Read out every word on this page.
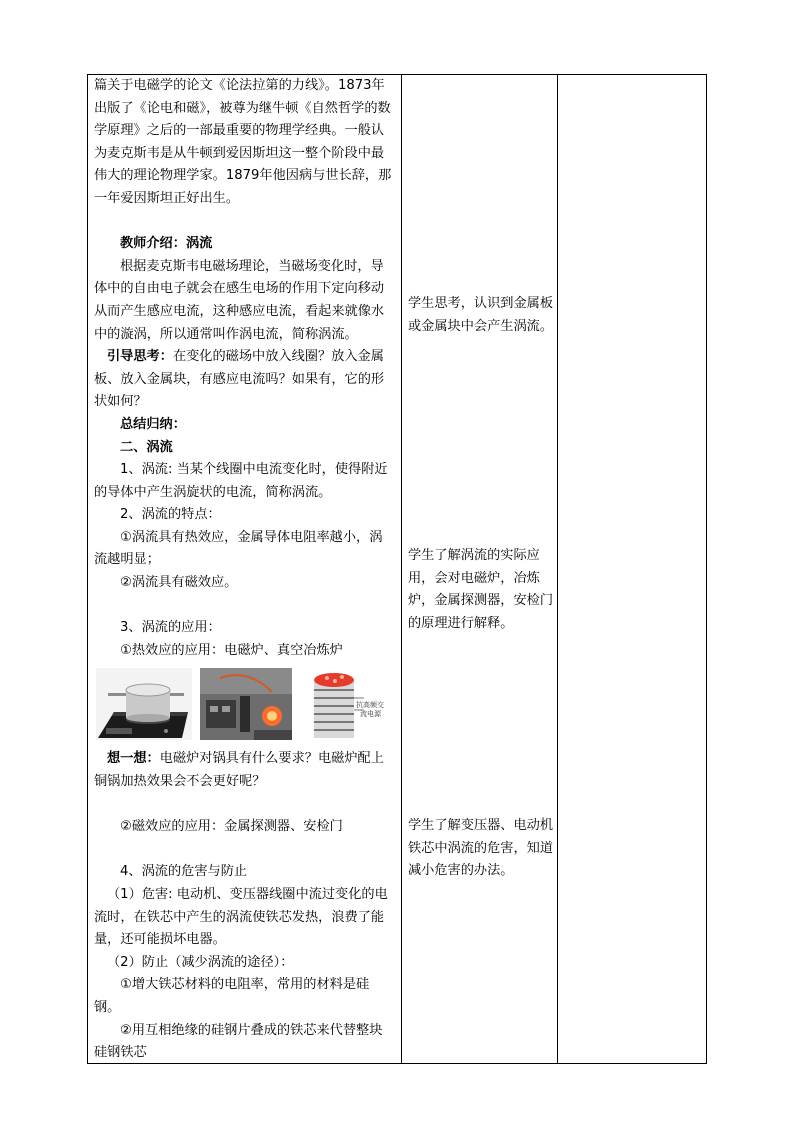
篇关于电磁学的论文《论法拉第的力线》。1873年出版了《论电和磁》，被尊为继牛顿《自然哲学的数学原理》之后的一部最重要的物理学经典。一般认为麦克斯韦是从牛顿到爱因斯坦这一整个阶段中最伟大的理论物理学家。1879年他因病与世长辞，那一年爱因斯坦正好出生。

教师介绍：涡流

根据麦克斯韦电磁场理论，当磁场变化时，导体中的自由电子就会在感生电场的作用下定向移动从而产生感应电流，这种感应电流，看起来就像水中的漩涡，所以通常叫作涡电流，简称涡流。

引导思考：在变化的磁场中放入线圈？放入金属板、放入金属块，有感应电流吗？如果有，它的形状如何？

总结归纳：

二、涡流

1、涡流: 当某个线圈中电流变化时，使得附近的导体中产生涡旋状的电流，简称涡流。

2、涡流的特点：

①涡流具有热效应，金属导体电阻率越小，涡流越明显；

②涡流具有磁效应。

3、涡流的应用：

①热效应的应用：电磁炉、真空冶炼炉

抗高频交
流电源

想一想：电磁炉对锅具有什么要求？电磁炉配上铜锅加热效果会不会更好呢？

②磁效应的应用：金属探测器、安检门

4、涡流的危害与防止

（1）危害: 电动机、变压器线圈中流过变化的电流时，在铁芯中产生的涡流使铁芯发热，浪费了能量，还可能损坏电器。

（2）防止（减少涡流的途径）：

①增大铁芯材料的电阻率，常用的材料是硅钢。

②用互相绝缘的硅钢片叠成的铁芯来代替整块硅钢铁芯

学生思考，认识到金属板或金属块中会产生涡流。
学生了解涡流的实际应用，会对电磁炉，冶炼炉，金属探测器，安检门的原理进行解释。
学生了解变压器、电动机铁芯中涡流的危害，知道减小危害的办法。
